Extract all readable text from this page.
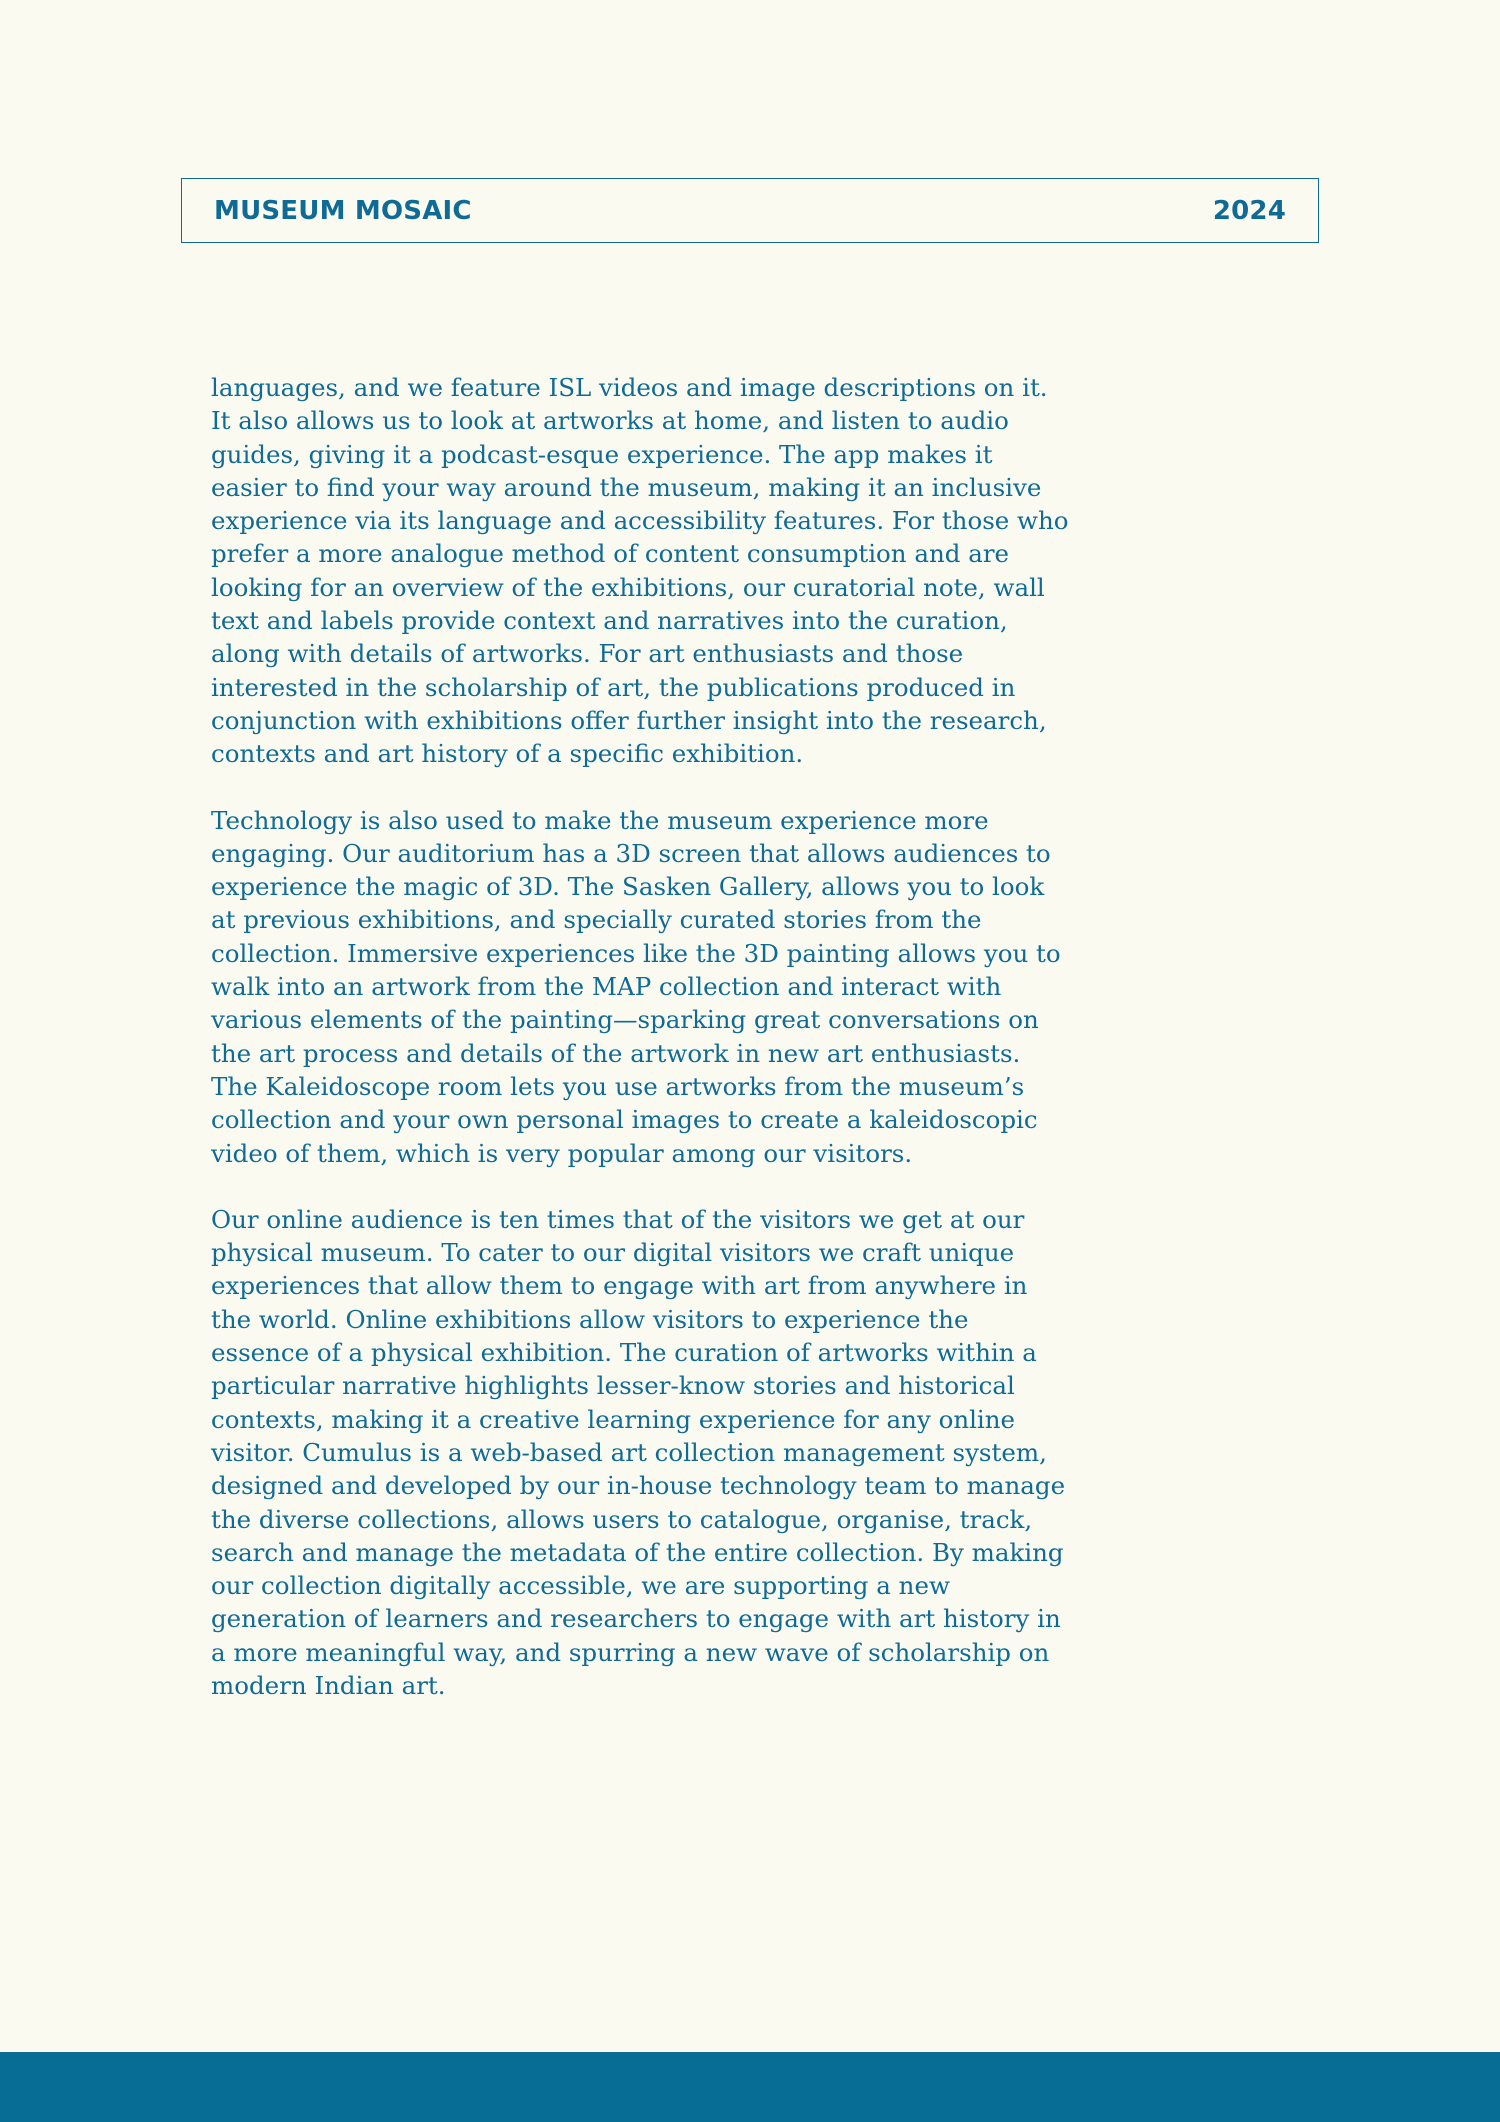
MUSEUM MOSAIC	2024

languages, and we feature ISL videos and image descriptions on it. It also allows us to look at artworks at home, and listen to audio guides, giving it a podcast-esque experience. The app makes it easier to find your way around the museum, making it an inclusive experience via its language and accessibility features. For those who prefer a more analogue method of content consumption and are looking for an overview of the exhibitions, our curatorial note, wall text and labels provide context and narratives into the curation, along with details of artworks. For art enthusiasts and those interested in the scholarship of art, the publications produced in conjunction with exhibitions offer further insight into the research, contexts and art history of a specific exhibition.

Technology is also used to make the museum experience more engaging. Our auditorium has a 3D screen that allows audiences to experience the magic of 3D. The Sasken Gallery, allows you to look at previous exhibitions, and specially curated stories from the collection. Immersive experiences like the 3D painting allows you to walk into an artwork from the MAP collection and interact with various elements of the painting—sparking great conversations on the art process and details of the artwork in new art enthusiasts. The Kaleidoscope room lets you use artworks from the museum’s collection and your own personal images to create a kaleidoscopic video of them, which is very popular among our visitors.

Our online audience is ten times that of the visitors we get at our physical museum. To cater to our digital visitors we craft unique experiences that allow them to engage with art from anywhere in the world. Online exhibitions allow visitors to experience the essence of a physical exhibition. The curation of artworks within a particular narrative highlights lesser-know stories and historical contexts, making it a creative learning experience for any online visitor. Cumulus is a web-based art collection management system, designed and developed by our in-house technology team to manage the diverse collections, allows users to catalogue, organise, track, search and manage the metadata of the entire collection. By making our collection digitally accessible, we are supporting a new generation of learners and researchers to engage with art history in a more meaningful way, and spurring a new wave of scholarship on modern Indian art.
